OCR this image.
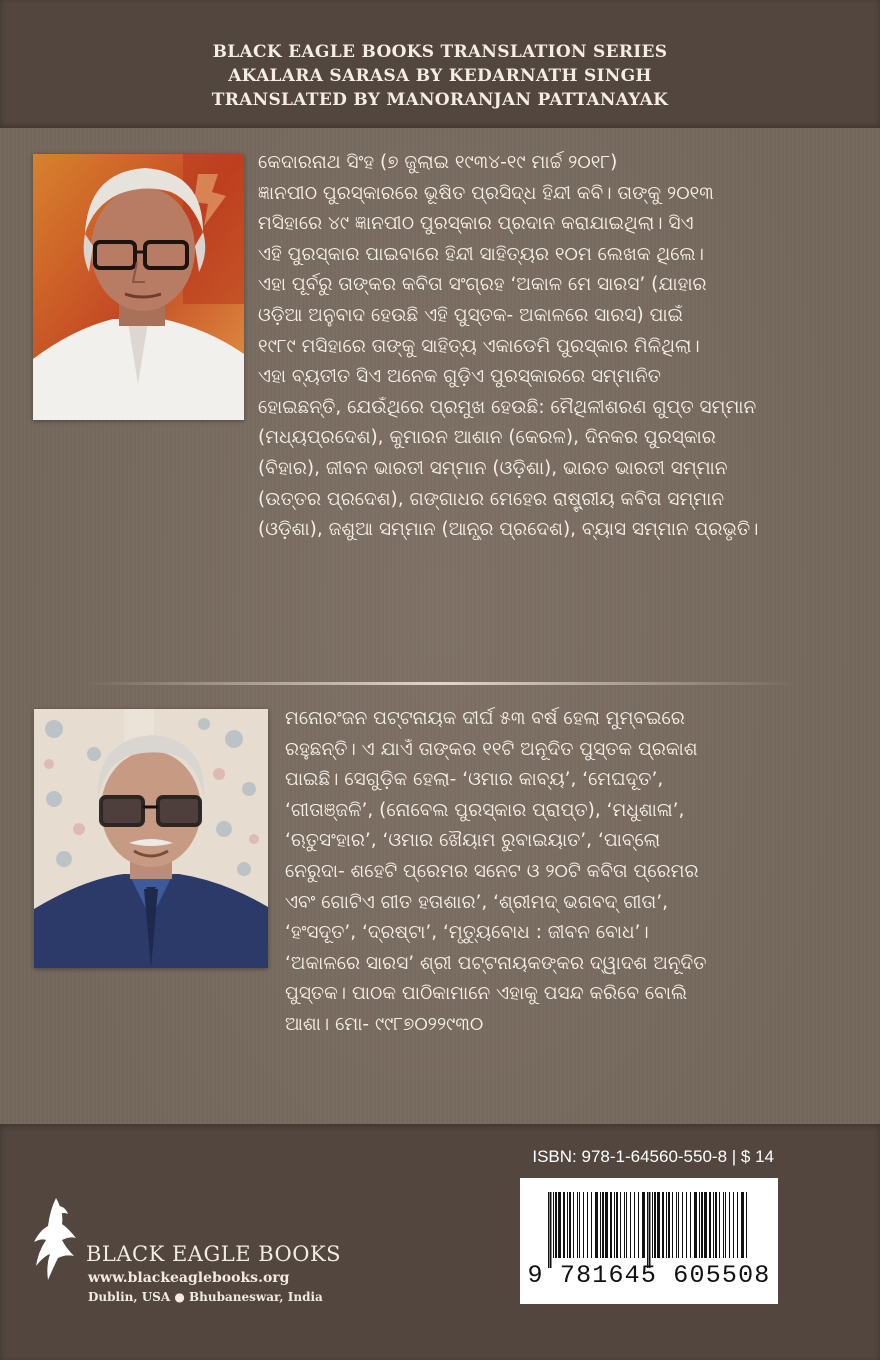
BLACK EAGLE BOOKS TRANSLATION SERIES
AKALARA SARASA BY KEDARNATH SINGH
TRANSLATED BY MANORANJAN PATTANAYAK
କେଦାରନାଥ ସିଂହ (୭ ଜୁଲାଇ ୧୯୩୪-୧୯ ମାର୍ଚ୍ଚ ୨୦୧୮)
ଜ୍ଞାନପୀଠ ପୁରସ୍କାରରେ ଭୂଷିତ ପ୍ରସିଦ୍ଧ ହିନ୍ଦୀ କବି। ତାଙ୍କୁ ୨୦୧୩
ମସିହାରେ ୪୯ ଜ୍ଞାନପୀଠ ପୁରସ୍କାର ପ୍ରଦାନ କରାଯାଇଥିଲା। ସିଏ
ଏହି ପୁରସ୍କାର ପାଇବାରେ ହିନ୍ଦୀ ସାହିତ୍ୟର ୧୦ମ ଲେଖକ ଥିଲେ।
ଏହା ପୂର୍ବରୁ ତାଙ୍କର କବିତା ସଂଗ୍ରହ ‘ଅକାଳ ମେ ସାରସ’ (ଯାହାର
ଓଡ଼ିଆ ଅନୁବାଦ ହେଉଛି ଏହି ପୁସ୍ତକ- ଅକାଳରେ ସାରସ) ପାଇଁ
୧୯୮୯ ମସିହାରେ ତାଙ୍କୁ ସାହିତ୍ୟ ଏକାଡେମି ପୁରସ୍କାର ମିଳିଥିଲା।
ଏହା ବ୍ୟତୀତ ସିଏ ଅନେକ ଗୁଡ଼ିଏ ପୁରସ୍କାରରେ ସମ୍ମାନିତ
ହୋଇଛନ୍ତି, ଯେଉଁଥିରେ ପ୍ରମୁଖ ହେଉଛି: ମୈଥିଳୀଶରଣ ଗୁପ୍ତ ସମ୍ମାନ
(ମଧ୍ୟପ୍ରଦେଶ), କୁମାରନ ଆଶାନ (କେରଳ), ଦିନକର ପୁରସ୍କାର
(ବିହାର), ଜୀବନ ଭାରତୀ ସମ୍ମାନ (ଓଡ଼ିଶା), ଭାରତ ଭାରତୀ ସମ୍ମାନ
(ଉତ୍ତର ପ୍ରଦେଶ), ଗଙ୍ଗାଧର ମେହେର ରାଷ୍ଟ୍ରୀୟ କବିତା ସମ୍ମାନ
(ଓଡ଼ିଶା), ଜଶୁଆ ସମ୍ମାନ (ଆନ୍ଧ୍ର ପ୍ରଦେଶ), ବ୍ୟାସ ସମ୍ମାନ ପ୍ରଭୃତି।
ମନୋରଂଜନ ପଟ୍ଟନାୟକ ଦୀର୍ଘ ୫୩ ବର୍ଷ ହେଲା ମୁମ୍ବଇରେ
ରହୁଛନ୍ତି। ଏ ଯାଏଁ ତାଙ୍କର ୧୧ଟି ଅନୂଦିତ ପୁସ୍ତକ ପ୍ରକାଶ
ପାଇଛି। ସେଗୁଡ଼ିକ ହେଲା- ‘ଓମାର କାବ୍ୟ’, ‘ମେଘଦୂତ’,
‘ଗୀତାଞ୍ଜଳି’, (ନୋବେଲ ପୁରସ୍କାର ପ୍ରାପ୍ତ), ‘ମଧୁଶାଳା’,
‘ଋତୁସଂହାର’, ‘ଓମାର ଖୈୟାମ ରୁବାଇୟାତ’, ‘ପାବ୍ଲୋ
ନେରୁଦା- ଶହେଟି ପ୍ରେମର ସନେଟ ଓ ୨୦ଟି କବିତା ପ୍ରେମର
ଏବଂ ଗୋଟିଏ ଗୀତ ହତାଶାର’, ‘ଶ୍ରୀମଦ୍ ଭଗବଦ୍ ଗୀତା’,
‘ହଂସଦୂତ’, ‘ଦ୍ରଷ୍ଟା’, ‘ମୃତ୍ୟୁବୋଧ : ଜୀବନ ବୋଧ’।
‘ଅକାଳରେ ସାରସ’ ଶ୍ରୀ ପଟ୍ଟନାୟକଙ୍କର ଦ୍ୱାଦଶ ଅନୂଦିତ
ପୁସ୍ତକ। ପାଠକ ପାଠିକାମାନେ ଏହାକୁ ପସନ୍ଦ କରିବେ ବୋଲି
ଆଶା। ମୋ- ୯୯୮୭୦୨୨୯୩୦
BLACK EAGLE BOOKS
www.blackeaglebooks.org
Dublin, USA ● Bhubaneswar, India
ISBN: 978-1-64560-550-8 | $ 14
9 781645 605508
